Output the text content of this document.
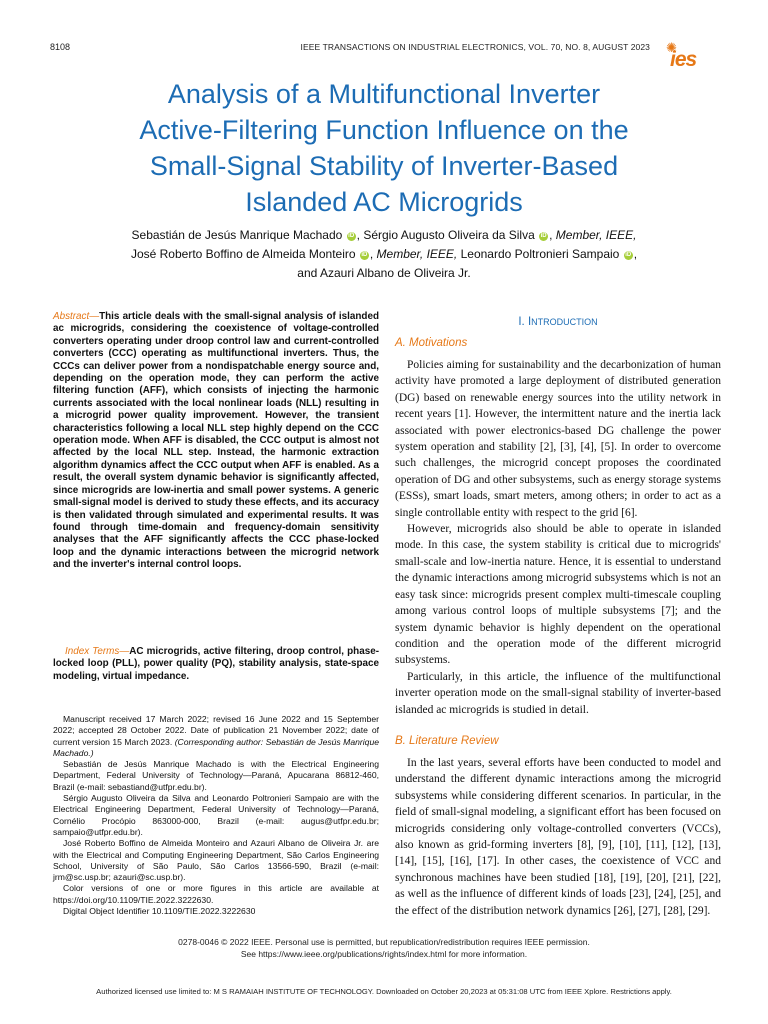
8108	IEEE TRANSACTIONS ON INDUSTRIAL ELECTRONICS, VOL. 70, NO. 8, AUGUST 2023 ✺
ies
Analysis of a Multifunctional Inverter
Active-Filtering Function Influence on the
Small-Signal Stability of Inverter-Based
Islanded AC Microgrids
Sebastián de Jesús Manrique Machado iD , Sérgio Augusto Oliveira da Silva iD , Member, IEEE,
José Roberto Boffino de Almeida Monteiro iD , Member, IEEE, Leonardo Poltronieri Sampaio iD ,
and Azauri Albano de Oliveira Jr.
Abstract—This article deals with the small-signal analysis of islanded ac microgrids, considering the coexistence of voltage-controlled converters operating under droop control law and current-controlled converters (CCC) operating as multifunctional inverters. Thus, the CCCs can deliver power from a nondispatchable energy source and, depending on the operation mode, they can perform the active filtering function (AFF), which consists of injecting the harmonic currents associated with the local nonlinear loads (NLL) resulting in a microgrid power quality improvement. However, the transient characteristics following a local NLL step highly depend on the CCC operation mode. When AFF is disabled, the CCC output is almost not affected by the local NLL step. Instead, the harmonic extraction algorithm dynamics affect the CCC output when AFF is enabled. As a result, the overall system dynamic behavior is significantly affected, since microgrids are low-inertia and small power systems. A generic small-signal model is derived to study these effects, and its accuracy is then validated through simulated and experimental results. It was found through time-domain and frequency-domain sensitivity analyses that the AFF significantly affects the CCC phase-locked loop and the dynamic interactions between the microgrid network and the inverter's internal control loops.
Index Terms—AC microgrids, active filtering, droop control, phase-locked loop (PLL), power quality (PQ), stability analysis, state-space modeling, virtual impedance.

Manuscript received 17 March 2022; revised 16 June 2022 and 15 September 2022; accepted 28 October 2022. Date of publication 21 November 2022; date of current version 15 March 2023. (Corresponding author: Sebastián de Jesús Manrique Machado.)

Sebastián de Jesús Manrique Machado is with the Electrical Engineering Department, Federal University of Technology—Paraná, Apucarana 86812-460, Brazil (e-mail: sebastiand@utfpr.edu.br).

Sérgio Augusto Oliveira da Silva and Leonardo Poltronieri Sampaio are with the Electrical Engineering Department, Federal University of Technology—Paraná, Cornélio Procópio 863000-000, Brazil (e-mail: augus@utfpr.edu.br; sampaio@utfpr.edu.br).

José Roberto Boffino de Almeida Monteiro and Azauri Albano de Oliveira Jr. are with the Electrical and Computing Engineering Department, São Carlos Engineering School, University of São Paulo, São Carlos 13566-590, Brazil (e-mail: jrm@sc.usp.br; azauri@sc.usp.br).

Color versions of one or more figures in this article are available at https://doi.org/10.1109/TIE.2022.3222630.

Digital Object Identifier 10.1109/TIE.2022.3222630

I. INTRODUCTION
A. Motivations

Policies aiming for sustainability and the decarbonization of human activity have promoted a large deployment of distributed generation (DG) based on renewable energy sources into the utility network in recent years [1]. However, the intermittent nature and the inertia lack associated with power electronics-based DG challenge the power system operation and stability [2], [3], [4], [5]. In order to overcome such challenges, the microgrid concept proposes the coordinated operation of DG and other subsystems, such as energy storage systems (ESSs), smart loads, smart meters, among others; in order to act as a single controllable entity with respect to the grid [6].

However, microgrids also should be able to operate in islanded mode. In this case, the system stability is critical due to microgrids' small-scale and low-inertia nature. Hence, it is essential to understand the dynamic interactions among microgrid subsystems which is not an easy task since: microgrids present complex multi-timescale coupling among various control loops of multiple subsystems [7]; and the system dynamic behavior is highly dependent on the operational condition and the operation mode of the different microgrid subsystems.

Particularly, in this article, the influence of the multifunctional inverter operation mode on the small-signal stability of inverter-based islanded ac microgrids is studied in detail.

B. Literature Review

In the last years, several efforts have been conducted to model and understand the different dynamic interactions among the microgrid subsystems while considering different scenarios. In particular, in the field of small-signal modeling, a significant effort has been focused on microgrids considering only voltage-controlled converters (VCCs), also known as grid-forming inverters [8], [9], [10], [11], [12], [13], [14], [15], [16], [17]. In other cases, the coexistence of VCC and synchronous machines have been studied [18], [19], [20], [21], [22], as well as the influence of different kinds of loads [23], [24], [25], and the effect of the distribution network dynamics [26], [27], [28], [29].

0278-0046 © 2022 IEEE. Personal use is permitted, but republication/redistribution requires IEEE permission.
See https://www.ieee.org/publications/rights/index.html for more information.
Authorized licensed use limited to: M S RAMAIAH INSTITUTE OF TECHNOLOGY. Downloaded on October 20,2023 at 05:31:08 UTC from IEEE Xplore. Restrictions apply.
